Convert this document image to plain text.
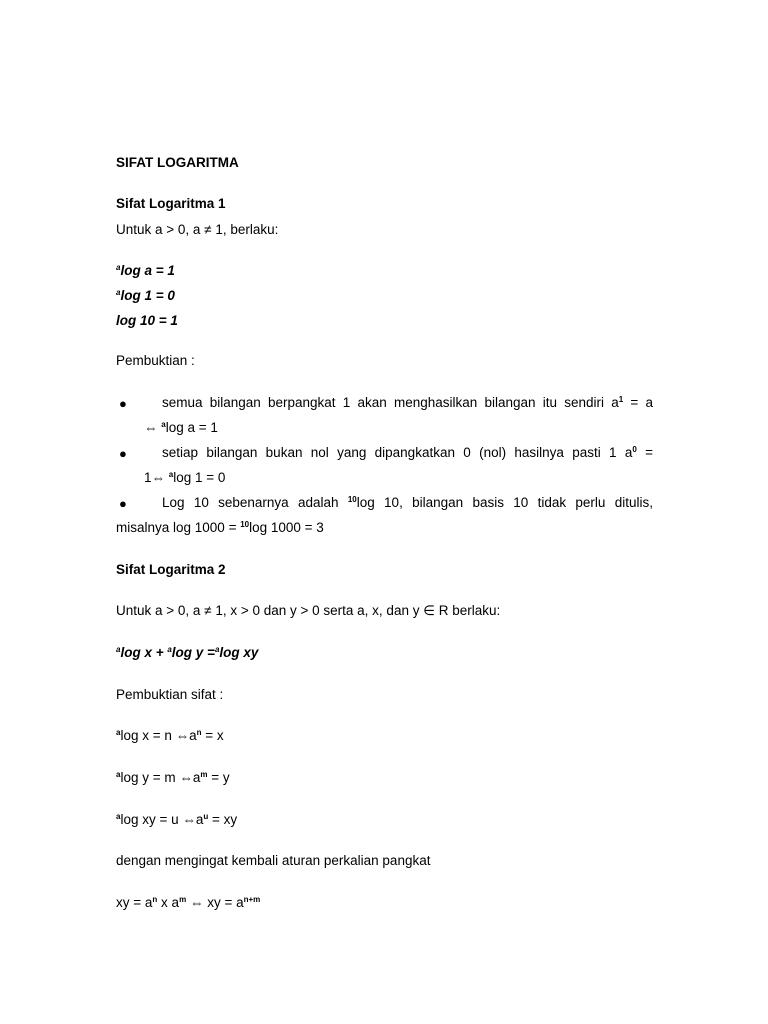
SIFAT LOGARITMA
Sifat Logaritma 1
Untuk a > 0, a ≠ 1, berlaku:
$^a$log a = 1
$^a$log 1 = 0
log 10 = 1
Pembuktian :
●	semua bilangan berpangkat 1 akan menghasilkan bilangan itu sendiri $a^1 = a$
⇔ $^a$log a = 1
●	setiap bilangan bukan nol yang dipangkatkan 0 (nol) hasilnya pasti 1 $a^0$ =
1⇔ $^a$log 1 = 0
●	Log 10 sebenarnya adalah $^{10}$log 10, bilangan basis 10 tidak perlu ditulis,
misalnya log 1000 = $^{10}$log 1000 = 3
Sifat Logaritma 2
Untuk a > 0, a ≠ 1, x > 0 dan y > 0 serta a, x, dan y ∈ R berlaku:
$^a$log x + $^a$log y =$^a$log xy
Pembuktian sifat :
$^a$log x = n $\Leftrightarrow a^n = x$
$^a$log y = m $\Leftrightarrow a^m = y$
$^a$log xy = u $\Leftrightarrow a^u$ = xy
dengan mengingat kembali aturan perkalian pangkat
xy = $a^n$ x $a^m$ ⇔ xy = $a^{n+m}$
